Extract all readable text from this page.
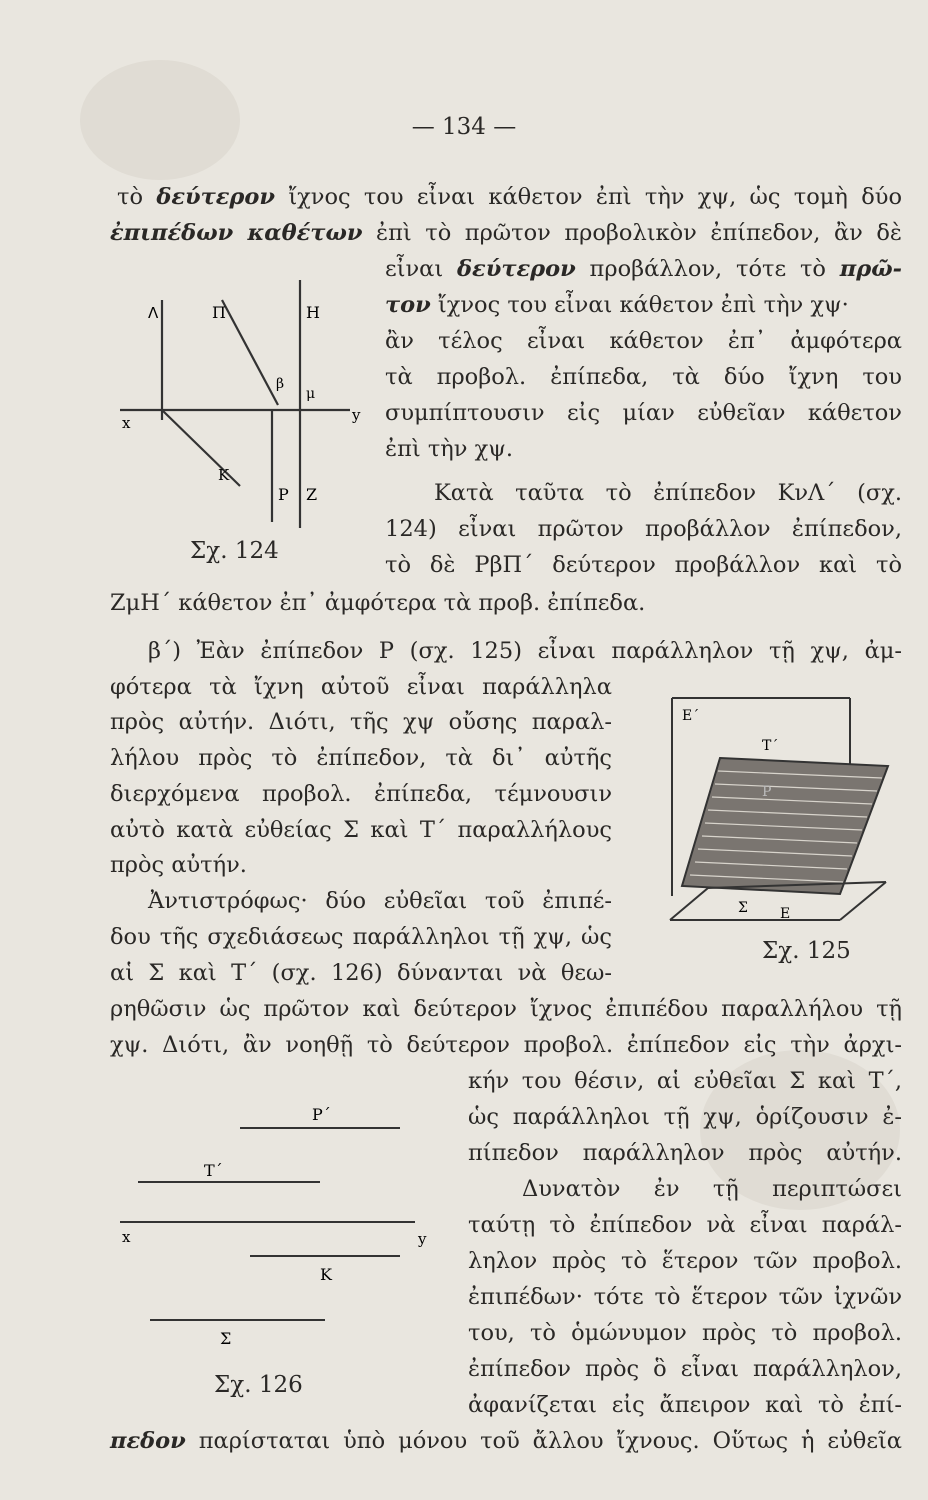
— 134 —
τὸ δεύτερον ἴχνος του εἶναι κάθετον ἐπὶ τὴν χψ, ὡς τομὴ δύο
ἐπιπέδων καθέτων ἐπὶ τὸ πρῶτον προβολικὸν ἐπίπεδον, ἂν δὲ
εἶναι δεύτερον προβάλλον, τότε τὸ πρῶ-
τον ἴχνος του εἶναι κάθετον ἐπὶ τὴν χψ·
ἂν τέλος εἶναι κάθετον ἐπ᾿ ἀμφότερα
τὰ προβολ. ἐπίπεδα, τὰ δύο ἴχνη του
συμπίπτουσιν εἰς μίαν εὐθεῖαν κάθετον
ἐπὶ τὴν χψ.
Κατὰ ταῦτα τὸ ἐπίπεδον ΚνΛ΄ (σχ.
124) εἶναι πρῶτον προβάλλον ἐπίπεδον,
τὸ δὲ ΡβΠ΄ δεύτερον προβάλλον καὶ τὸ
ΖμΗ΄ κάθετον ἐπ᾿ ἀμφότερα τὰ προβ. ἐπίπεδα.
β΄) Ἐὰν ἐπίπεδον Ρ (σχ. 125) εἶναι παράλληλον τῇ χψ, ἀμ-
φότερα τὰ ἴχνη αὐτοῦ εἶναι παράλληλα
πρὸς αὐτήν. Διότι, τῆς χψ οὔσης παραλ-
λήλου πρὸς τὸ ἐπίπεδον, τὰ δι᾿ αὐτῆς
διερχόμενα προβολ. ἐπίπεδα, τέμνουσιν
αὐτὸ κατὰ εὐθείας Σ καὶ Τ΄ παραλλήλους
πρὸς αὐτήν.
Ἀντιστρόφως· δύο εὐθεῖαι τοῦ ἐπιπέ-
δου τῆς σχεδιάσεως παράλληλοι τῇ χψ, ὡς
αἱ Σ καὶ Τ΄ (σχ. 126) δύνανται νὰ θεω-
ρηθῶσιν ὡς πρῶτον καὶ δεύτερον ἴχνος ἐπιπέδου παραλλήλου τῇ
χψ. Διότι, ἂν νοηθῇ τὸ δεύτερον προβολ. ἐπίπεδον εἰς τὴν ἀρχι-
κήν του θέσιν, αἱ εὐθεῖαι Σ καὶ Τ΄,
ὡς παράλληλοι τῇ χψ, ὁρίζουσιν ἐ-
πίπεδον παράλληλον πρὸς αὐτήν.
Δυνατὸν ἐν τῇ περιπτώσει
ταύτῃ τὸ ἐπίπεδον νὰ εἶναι παράλ-
ληλον πρὸς τὸ ἕτερον τῶν προβολ.
ἐπιπέδων· τότε τὸ ἕτερον τῶν ἰχνῶν
του, τὸ ὁμώνυμον πρὸς τὸ προβολ.
ἐπίπεδον πρὸς ὃ εἶναι παράλληλον,
ἀφανίζεται εἰς ἄπειρον καὶ τὸ ἐπί-
πεδον παρίσταται ὑπὸ μόνου τοῦ ἄλλου ἴχνους. Οὕτως ἡ εὐθεῖα
Λ	Π	Η
β
μ
x	y
Κ
Ρ Ζ
Σχ. 124
Ε΄
Τ΄
Ρ
Σ Ε
Σχ. 125
Ρ΄
Τ΄
x	y
Κ
Σ
Σχ. 126
